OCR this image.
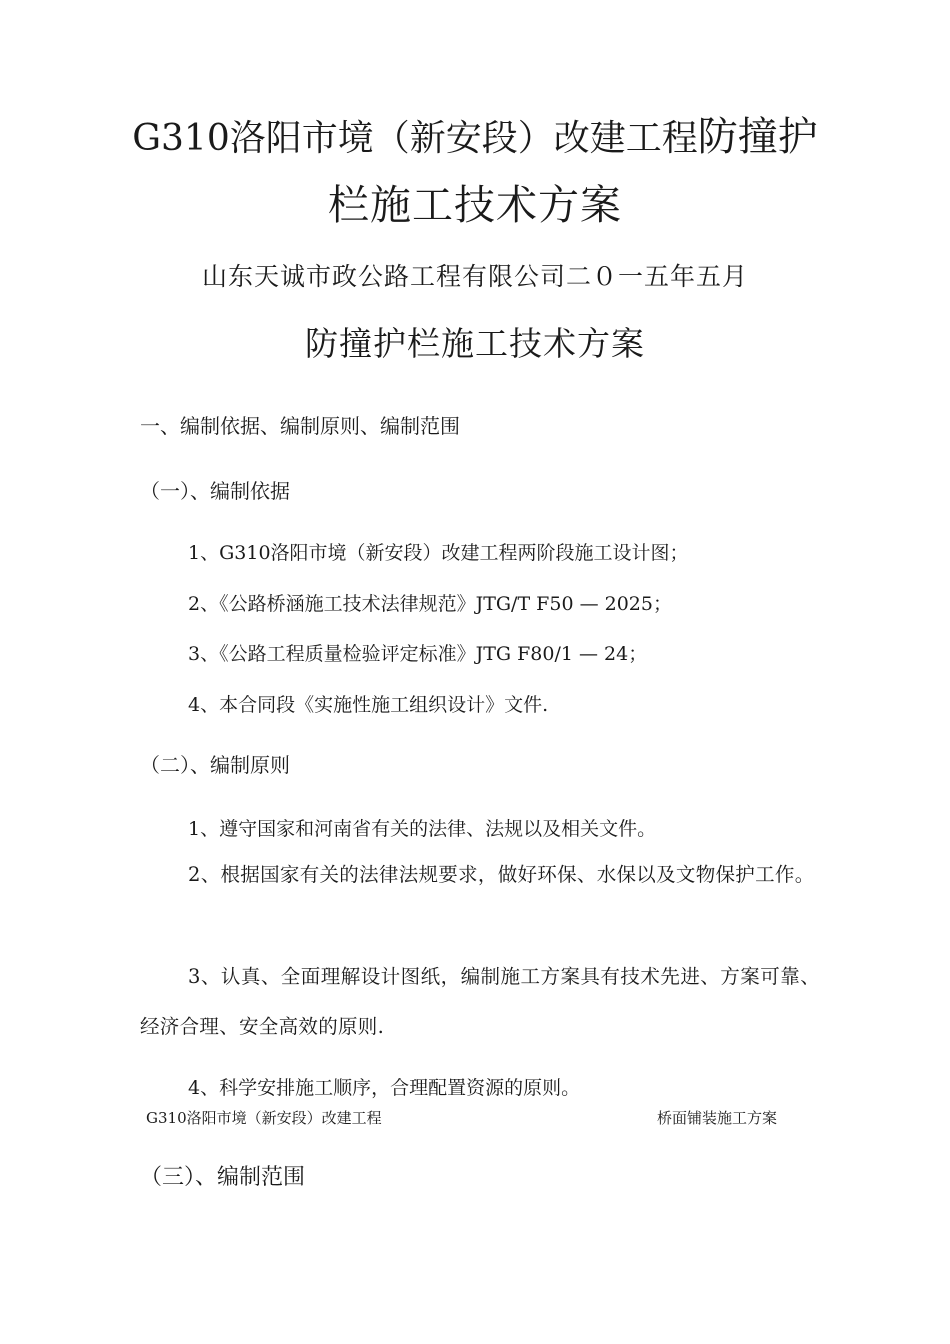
G310洛阳市境（新安段）改建工程防撞护
栏施工技术方案
山东天诚市政公路工程有限公司二０一五年五月
防撞护栏施工技术方案
一、编制依据、编制原则、编制范围
（一）、编制依据
1、G310洛阳市境（新安段）改建工程两阶段施工设计图；
2、《公路桥涵施工技术法律规范》JTG/T F50 — 2025；
3、《公路工程质量检验评定标准》JTG F80/1 — 24；
4、本合同段《实施性施工组织设计》文件.
（二）、编制原则
1、遵守国家和河南省有关的法律、法规以及相关文件。
2、根据国家有关的法律法规要求，做好环保、水保以及文物保护工作。
3、认真、全面理解设计图纸，编制施工方案具有技术先进、方案可靠、经济合理、安全高效的原则.
4、科学安排施工顺序，合理配置资源的原则。
G310洛阳市境（新安段）改建工程	桥面铺装施工方案
（三）、编制范围
